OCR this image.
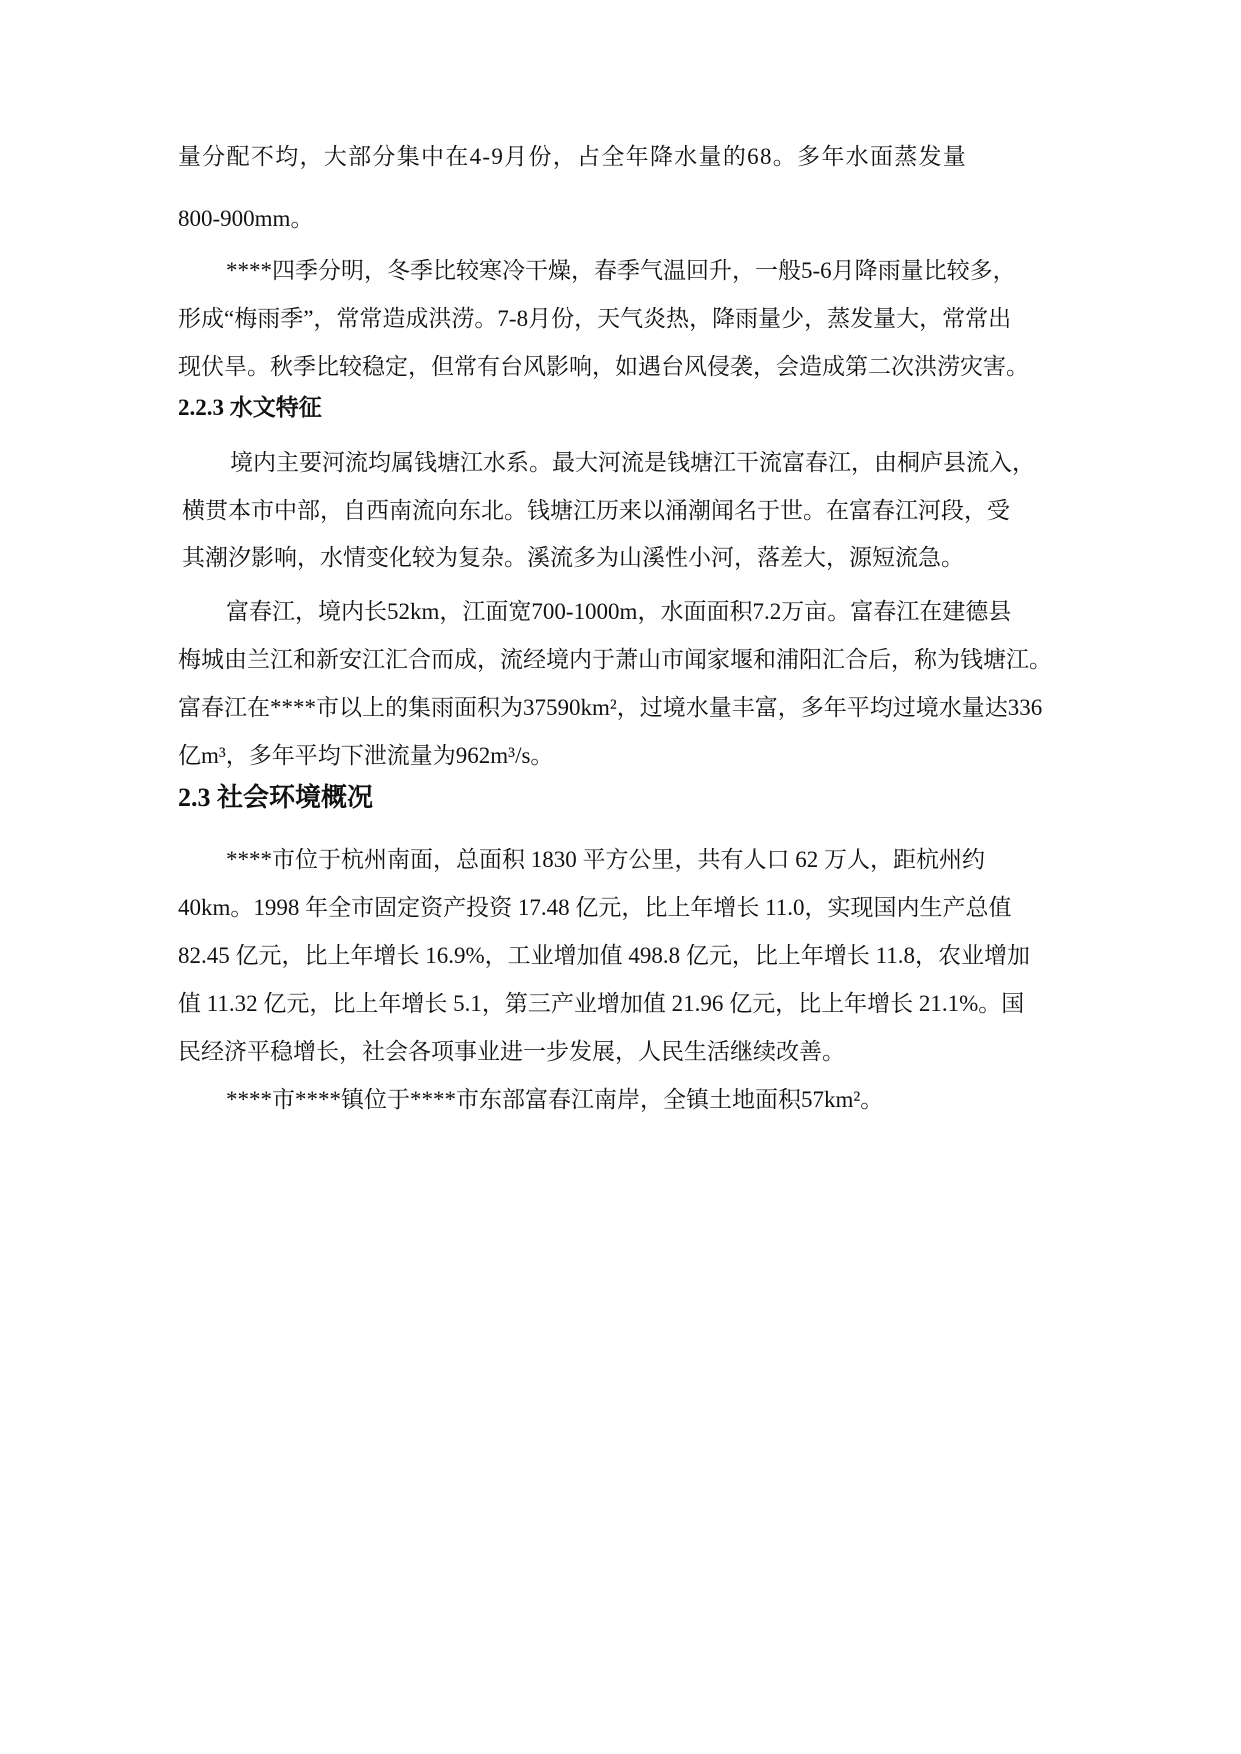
量分配不均，大部分集中在4-9月份，占全年降水量的68。多年水面蒸发量
800-900mm。
****四季分明，冬季比较寒冷干燥，春季气温回升，一般5-6月降雨量比较多，
形成“梅雨季”，常常造成洪涝。7-8月份，天气炎热，降雨量少，蒸发量大，常常出
现伏旱。秋季比较稳定，但常有台风影响，如遇台风侵袭，会造成第二次洪涝灾害。
2.2.3 水文特征
境内主要河流均属钱塘江水系。最大河流是钱塘江干流富春江，由桐庐县流入，
横贯本市中部，自西南流向东北。钱塘江历来以涌潮闻名于世。在富春江河段，受
其潮汐影响，水情变化较为复杂。溪流多为山溪性小河，落差大，源短流急。
富春江，境内长52km，江面宽700-1000m，水面面积7.2万亩。富春江在建德县
梅城由兰江和新安江汇合而成，流经境内于萧山市闻家堰和浦阳汇合后，称为钱塘江。
富春江在****市以上的集雨面积为37590km²，过境水量丰富，多年平均过境水量达336
亿m³，多年平均下泄流量为962m³/s。
2.3 社会环境概况
****市位于杭州南面，总面积 1830 平方公里，共有人口 62 万人，距杭州约
40km。1998 年全市固定资产投资 17.48 亿元，比上年增长 11.0，实现国内生产总值
82.45 亿元，比上年增长 16.9%，工业增加值 498.8 亿元，比上年增长 11.8，农业增加
值 11.32 亿元，比上年增长 5.1，第三产业增加值 21.96 亿元，比上年增长 21.1%。国
民经济平稳增长，社会各项事业进一步发展，人民生活继续改善。
****市****镇位于****市东部富春江南岸，全镇土地面积57km²。
